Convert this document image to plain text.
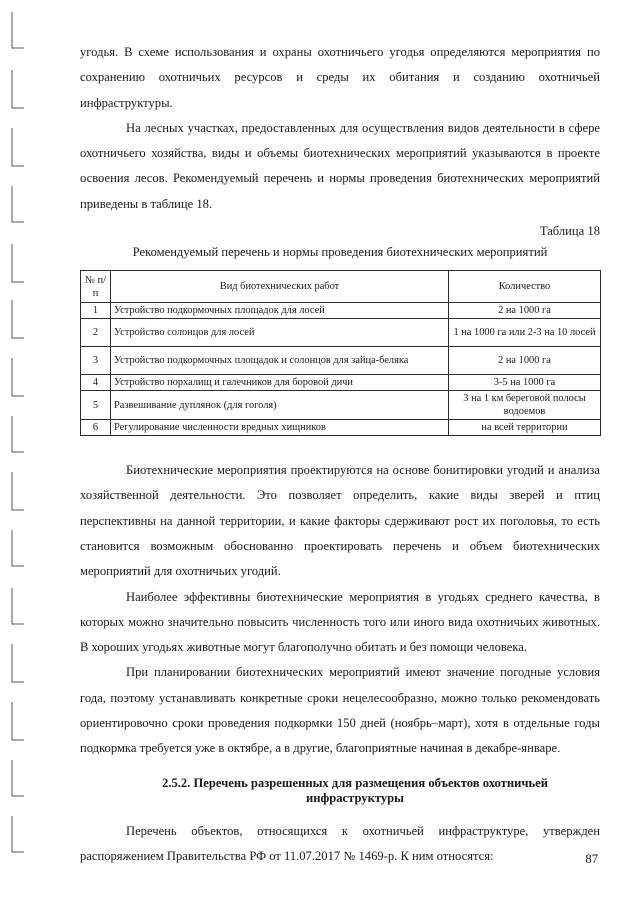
угодья. В схеме использования и охраны охотничьего угодья определяются мероприятия по сохранению охотничьих ресурсов и среды их обитания и созданию охотничьей инфраструктуры.

На лесных участках, предоставленных для осуществления видов деятельности в сфере охотничьего хозяйства, виды и объемы биотехнических мероприятий указываются в проекте освоения лесов. Рекомендуемый перечень и нормы проведения биотехнических мероприятий приведены в таблице 18.

Таблица 18
Рекомендуемый перечень и нормы проведения биотехнических мероприятий
№ п/п	Вид биотехнических работ	Количество
1	Устройство подкормочных площадок для лосей	2 на 1000 га
2	Устройство солонцов для лосей	1 на 1000 га или 2-3 на 10 лосей
3	Устройство подкормочных площадок и солонцов для зайца-беляка	2 на 1000 га
4	Устройство порхалищ и галечников для боровой дичи	3-5 на 1000 га
5	Развешивание дуплянок (для гоголя)	3 на 1 км береговой полосы водоемов
6	Регулирование численности вредных хищников	на всей территории

Биотехнические мероприятия проектируются на основе бонитировки угодий и анализа хозяйственной деятельности. Это позволяет определить, какие виды зверей и птиц перспективны на данной территории, и какие факторы сдерживают рост их поголовья, то есть становится возможным обоснованно проектировать перечень и объем биотехнических мероприятий для охотничьих угодий.

Наиболее эффективны биотехнические мероприятия в угодьях среднего качества, в которых можно значительно повысить численность того или иного вида охотничьих животных. В хороших угодьях животные могут благополучно обитать и без помощи человека.

При планировании биотехнических мероприятий имеют значение погодные условия года, поэтому устанавливать конкретные сроки нецелесообразно, можно только рекомендовать ориентировочно сроки проведения подкормки 150 дней (ноябрь–март), хотя в отдельные годы подкормка требуется уже в октябре, а в другие, благоприятные начиная в декабре-январе.

2.5.2. Перечень разрешенных для размещения объектов охотничьей инфраструктуры

Перечень объектов, относящихся к охотничьей инфраструктуре, утвержден распоряжением Правительства РФ от 11.07.2017 № 1469-р. К ним относятся:	87
